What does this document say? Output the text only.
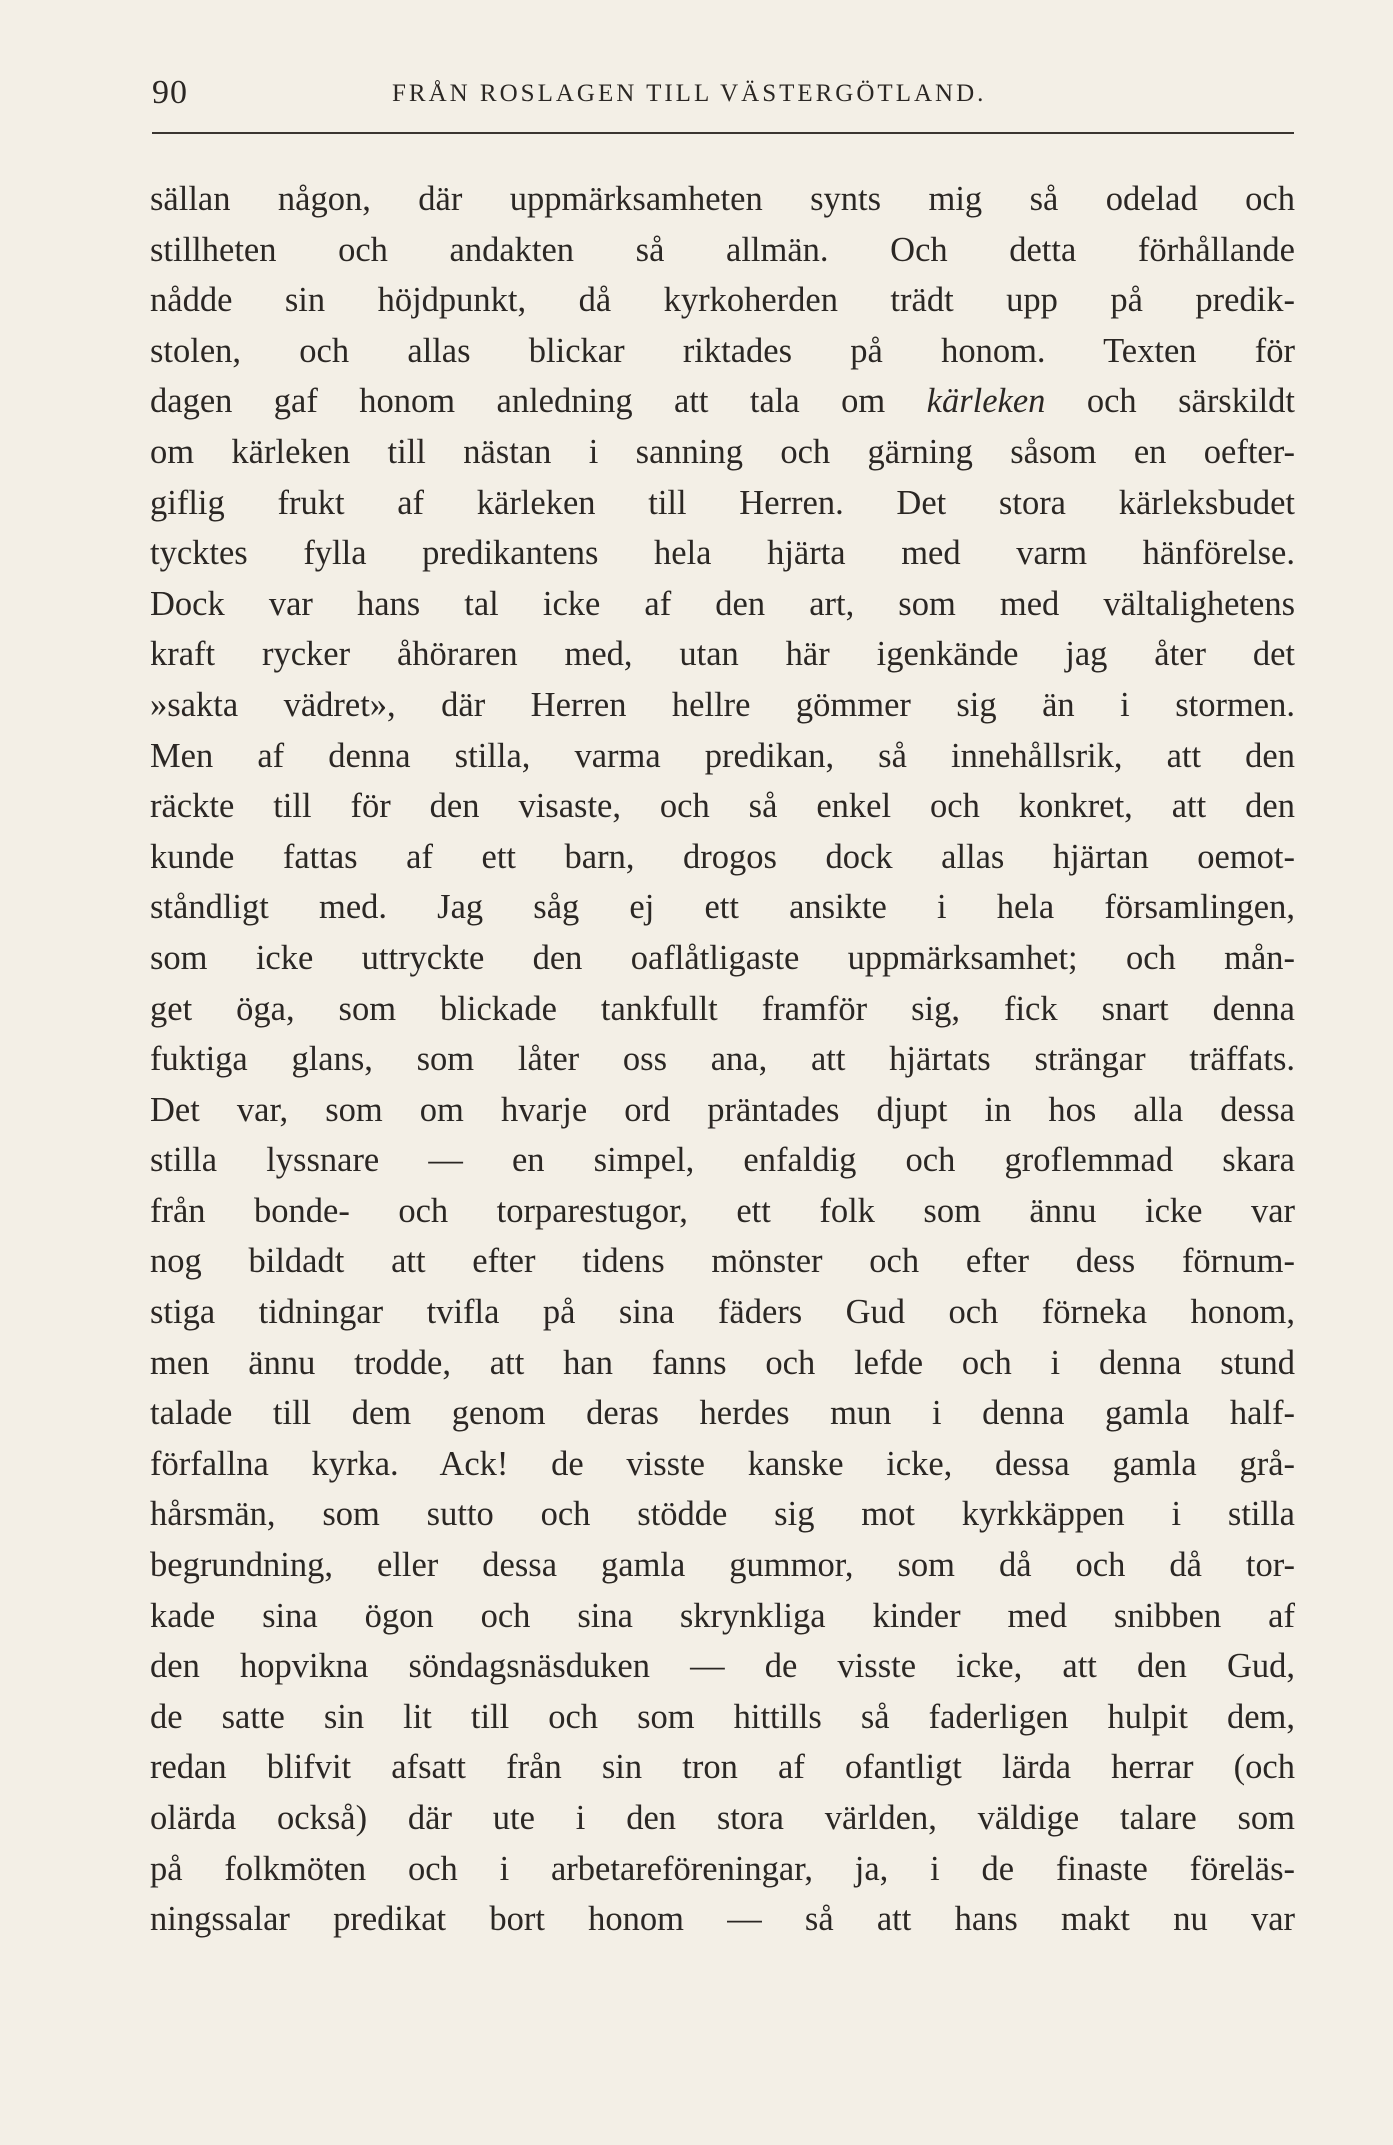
90	FRÅN ROSLAGEN TILL VÄSTERGÖTLAND.
sällan någon, där uppmärksamheten synts mig så odelad och
stillheten och andakten så allmän. Och detta förhållande
nådde sin höjdpunkt, då kyrkoherden trädt upp på predik-
stolen, och allas blickar riktades på honom. Texten för
dagen gaf honom anledning att tala om kärleken och särskildt
om kärleken till nästan i sanning och gärning såsom en oefter-
giflig frukt af kärleken till Herren. Det stora kärleksbudet
tycktes fylla predikantens hela hjärta med varm hänförelse.
Dock var hans tal icke af den art, som med vältalighetens
kraft rycker åhöraren med, utan här igenkände jag åter det
»sakta vädret», där Herren hellre gömmer sig än i stormen.
Men af denna stilla, varma predikan, så innehållsrik, att den
räckte till för den visaste, och så enkel och konkret, att den
kunde fattas af ett barn, drogos dock allas hjärtan oemot-
ståndligt med. Jag såg ej ett ansikte i hela församlingen,
som icke uttryckte den oaflåtligaste uppmärksamhet; och mån-
get öga, som blickade tankfullt framför sig, fick snart denna
fuktiga glans, som låter oss ana, att hjärtats strängar träffats.
Det var, som om hvarje ord präntades djupt in hos alla dessa
stilla lyssnare — en simpel, enfaldig och groflemmad skara
från bonde- och torparestugor, ett folk som ännu icke var
nog bildadt att efter tidens mönster och efter dess förnum-
stiga tidningar tvifla på sina fäders Gud och förneka honom,
men ännu trodde, att han fanns och lefde och i denna stund
talade till dem genom deras herdes mun i denna gamla half-
förfallna kyrka. Ack! de visste kanske icke, dessa gamla grå-
hårsmän, som sutto och stödde sig mot kyrkkäppen i stilla
begrundning, eller dessa gamla gummor, som då och då tor-
kade sina ögon och sina skrynkliga kinder med snibben af
den hopvikna söndagsnäsduken — de visste icke, att den Gud,
de satte sin lit till och som hittills så faderligen hulpit dem,
redan blifvit afsatt från sin tron af ofantligt lärda herrar (och
olärda också) där ute i den stora världen, väldige talare som
på folkmöten och i arbetareföreningar, ja, i de finaste föreläs-
ningssalar predikat bort honom — så att hans makt nu var
